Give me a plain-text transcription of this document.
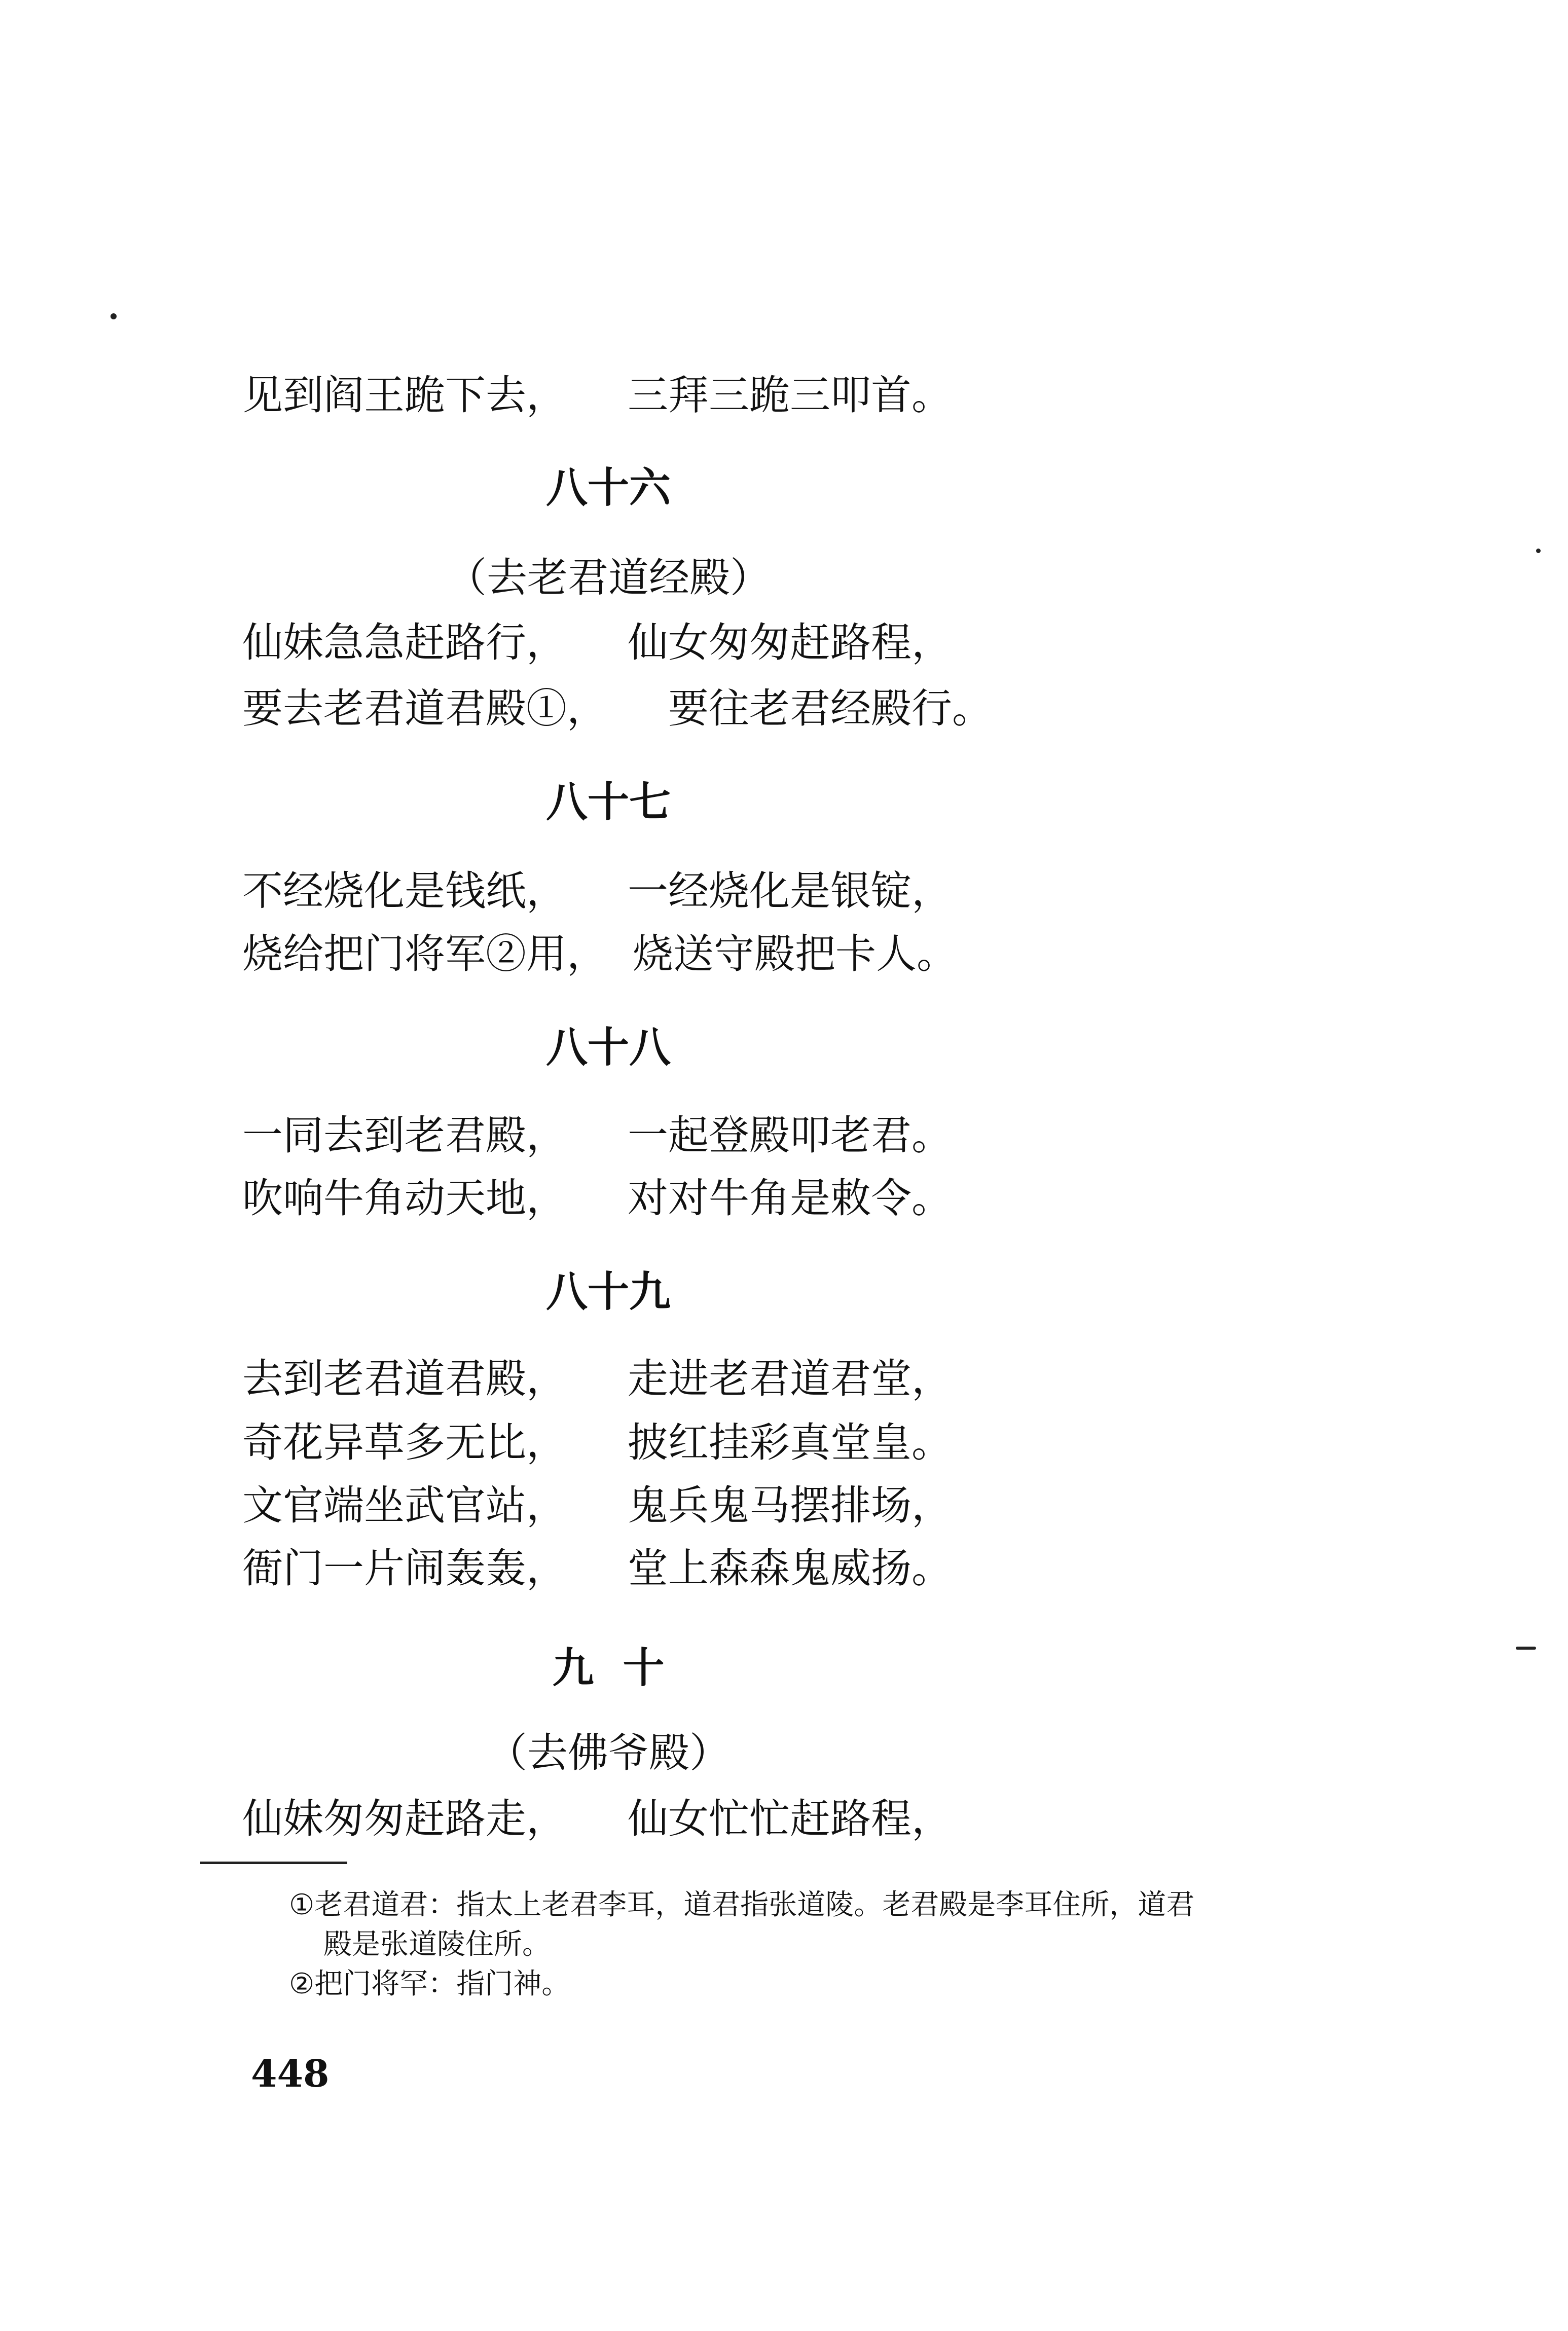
见到阎王跪下去， 三拜三跪三叩首。
八十六
（去老君道经殿）
仙妹急急赶路行， 仙女匆匆赶路程，
要去老君道君殿①， 要往老君经殿行。
八十七
不经烧化是钱纸， 一经烧化是银锭，
烧给把门将军②用， 烧送守殿把卡人。
八十八
一同去到老君殿， 一起登殿叩老君。
吹响牛角动天地， 对对牛角是敕令。
八十九
去到老君道君殿， 走进老君道君堂，
奇花异草多无比， 披红挂彩真堂皇。
文官端坐武官站， 鬼兵鬼马摆排场，
衙门一片闹轰轰， 堂上森森鬼威扬。
九  十
（去佛爷殿）
仙妹匆匆赶路走， 仙女忙忙赶路程，
①老君道君：指太上老君李耳，道君指张道陵。老君殿是李耳住所，道君
殿是张道陵住所。
②把门将罕：指门神。
448
